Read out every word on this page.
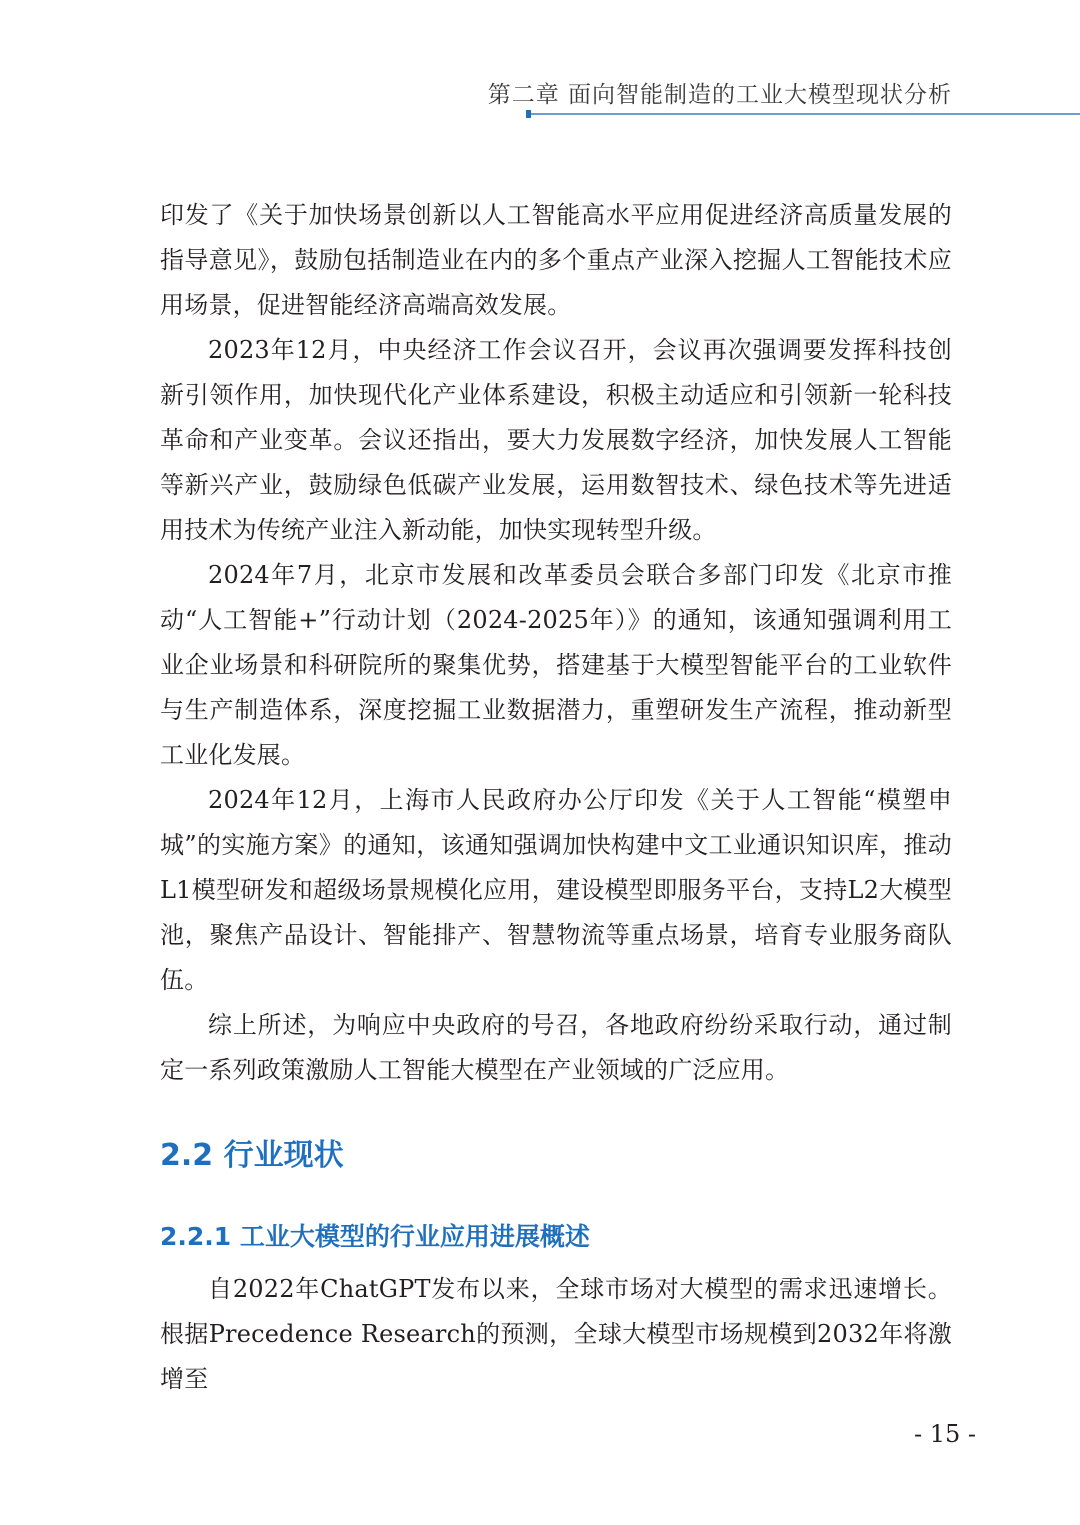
第二章 面向智能制造的工业大模型现状分析

印发了《关于加快场景创新以人工智能高水平应用促进经济高质量发展的指导意见》，鼓励包括制造业在内的多个重点产业深入挖掘人工智能技术应用场景，促进智能经济高端高效发展。

2023年12月，中央经济工作会议召开，会议再次强调要发挥科技创新引领作用，加快现代化产业体系建设，积极主动适应和引领新一轮科技革命和产业变革。会议还指出，要大力发展数字经济，加快发展人工智能等新兴产业，鼓励绿色低碳产业发展，运用数智技术、绿色技术等先进适用技术为传统产业注入新动能，加快实现转型升级。

2024年7月，北京市发展和改革委员会联合多部门印发《北京市推动“人工智能+”行动计划（2024-2025年）》的通知，该通知强调利用工业企业场景和科研院所的聚集优势，搭建基于大模型智能平台的工业软件与生产制造体系，深度挖掘工业数据潜力，重塑研发生产流程，推动新型工业化发展。

2024年12月，上海市人民政府办公厅印发《关于人工智能“模塑申城”的实施方案》的通知，该通知强调加快构建中文工业通识知识库，推动L1模型研发和超级场景规模化应用，建设模型即服务平台，支持L2大模型池，聚焦产品设计、智能排产、智慧物流等重点场景，培育专业服务商队伍。

综上所述，为响应中央政府的号召，各地政府纷纷采取行动，通过制定一系列政策激励人工智能大模型在产业领域的广泛应用。

2.2 行业现状
2.2.1 工业大模型的行业应用进展概述

自2022年ChatGPT发布以来，全球市场对大模型的需求迅速增长。根据Precedence Research的预测，全球大模型市场规模到2032年将激增至

- 15 -
